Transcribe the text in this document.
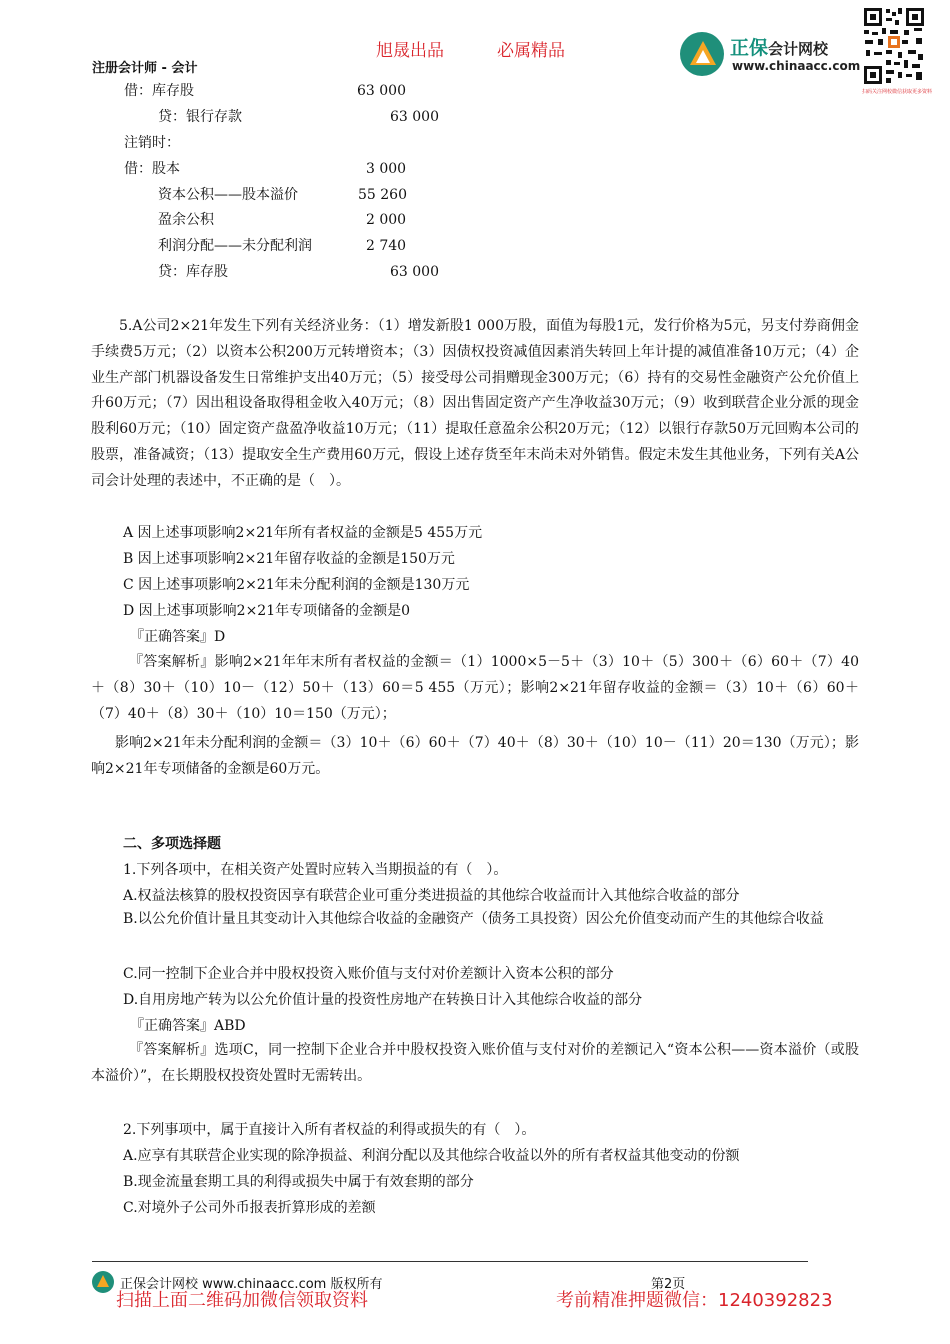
旭晟出品	必属精品
注册会计师 - 会计
正保会计网校
www.chinaacc.com
扫码关注网校微信获取更多资料
借：库存股	63 000
贷：银行存款	63 000
注销时：
借：股本	3 000
资本公积——股本溢价	55 260
盈余公积	2 000
利润分配——未分配利润	2 740
贷：库存股	63 000
5.A公司2×21年发生下列有关经济业务：（1）增发新股1 000万股，面值为每股1元，发行价格为5元，另支付券商佣金手续费5万元；（2）以资本公积200万元转增资本；（3）因债权投资减值因素消失转回上年计提的减值准备10万元；（4）企业生产部门机器设备发生日常维护支出40万元；（5）接受母公司捐赠现金300万元；（6）持有的交易性金融资产公允价值上升60万元；（7）因出租设备取得租金收入40万元；（8）因出售固定资产产生净收益30万元；（9）收到联营企业分派的现金股利60万元；（10）固定资产盘盈净收益10万元；（11）提取任意盈余公积20万元；（12）以银行存款50万元回购本公司的股票，准备减资；（13）提取安全生产费用60万元，假设上述存货至年末尚未对外销售。假定未发生其他业务，下列有关A公司会计处理的表述中，不正确的是（　）。
A 因上述事项影响2×21年所有者权益的金额是5 455万元
B 因上述事项影响2×21年留存收益的金额是150万元
C 因上述事项影响2×21年未分配利润的金额是130万元
D 因上述事项影响2×21年专项储备的金额是0
『正确答案』D
『答案解析』影响2×21年年末所有者权益的金额＝（1）1000×5－5＋（3）10＋（5）300＋（6）60＋（7）40＋（8）30＋（10）10－（12）50＋（13）60＝5 455（万元）；影响2×21年留存收益的金额＝（3）10＋（6）60＋（7）40＋（8）30＋（10）10＝150（万元）；
影响2×21年未分配利润的金额＝（3）10＋（6）60＋（7）40＋（8）30＋（10）10－（11）20＝130（万元）；影响2×21年专项储备的金额是60万元。
二、多项选择题
1.下列各项中，在相关资产处置时应转入当期损益的有（　）。
A.权益法核算的股权投资因享有联营企业可重分类进损益的其他综合收益而计入其他综合收益的部分
B.以公允价值计量且其变动计入其他综合收益的金融资产（债务工具投资）因公允价值变动而产生的其他综合收益
C.同一控制下企业合并中股权投资入账价值与支付对价差额计入资本公积的部分
D.自用房地产转为以公允价值计量的投资性房地产在转换日计入其他综合收益的部分
『正确答案』ABD
『答案解析』选项C，同一控制下企业合并中股权投资入账价值与支付对价的差额记入“资本公积——资本溢价（或股本溢价）”，在长期股权投资处置时无需转出。
2.下列事项中，属于直接计入所有者权益的利得或损失的有（　）。
A.应享有其联营企业实现的除净损益、利润分配以及其他综合收益以外的所有者权益其他变动的份额
B.现金流量套期工具的利得或损失中属于有效套期的部分
C.对境外子公司外币报表折算形成的差额
正保会计网校 www.chinaacc.com 版权所有	第2页
扫描上面二维码加微信领取资料	考前精准押题微信：1240392823
